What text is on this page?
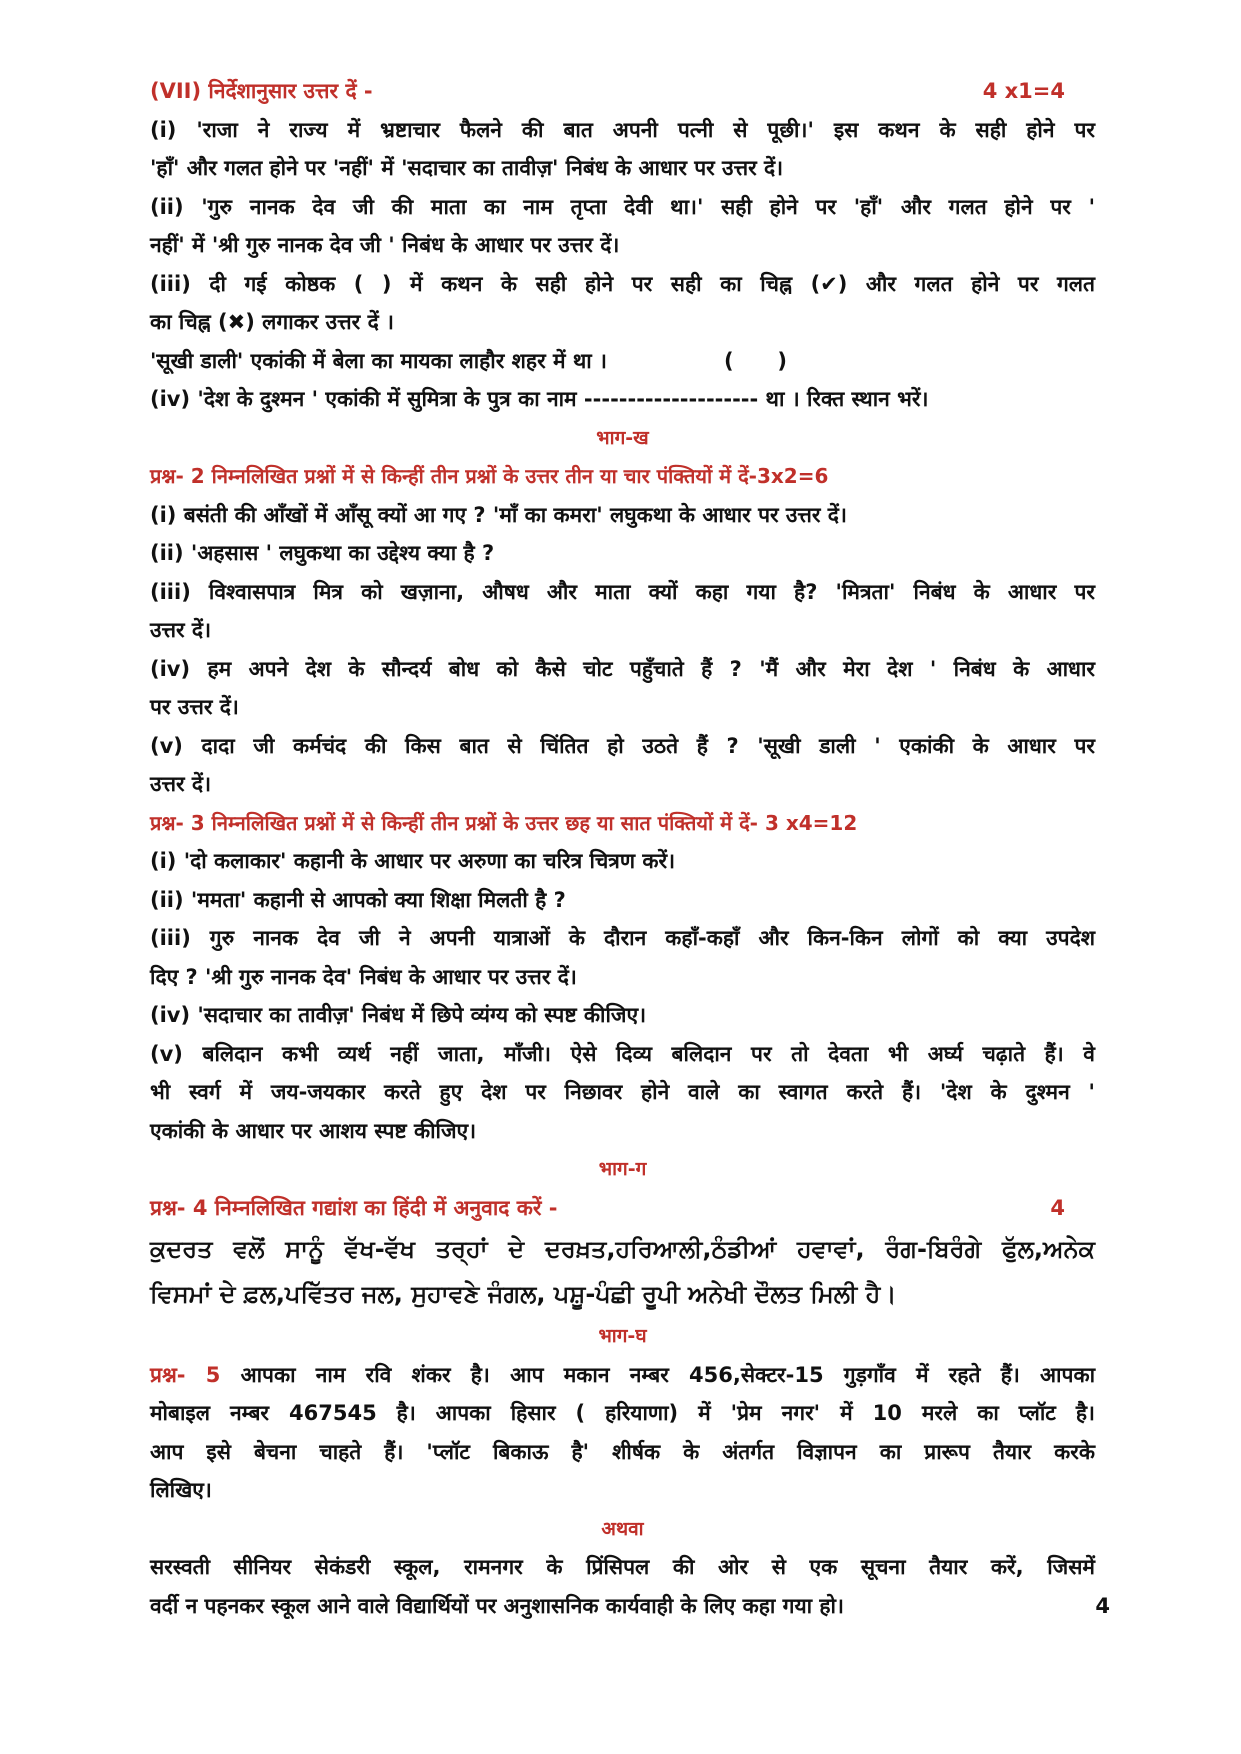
(VII) निर्देशानुसार उत्तर दें -	4 x1=4
(i) 'राजा ने राज्य में भ्रष्टाचार फैलने की बात अपनी पत्नी से पूछी।' इस कथन के सही होने पर
'हाँ' और गलत होने पर 'नहीं' में 'सदाचार का तावीज़' निबंध के आधार पर उत्तर दें।
(ii) 'गुरु नानक देव जी की माता का नाम तृप्ता देवी था।' सही होने पर 'हाँ' और गलत होने पर '
नहीं' में 'श्री गुरु नानक देव जी ' निबंध के आधार पर उत्तर दें।
(iii) दी गई कोष्ठक ( ) में कथन के सही होने पर सही का चिह्न (✔) और गलत होने पर गलत
का चिह्न (✖) लगाकर उत्तर दें ।
'सूखी डाली' एकांकी में बेला का मायका लाहौर शहर में था ।                (      )
(iv) 'देश के दुश्मन ' एकांकी में सुमित्रा के पुत्र का नाम -------------------- था । रिक्त स्थान भरें।
भाग-ख
प्रश्न- 2 निम्नलिखित प्रश्नों में से किन्हीं तीन प्रश्नों के उत्तर तीन या चार पंक्तियों में दें-3x2=6
(i) बसंती की आँखों में आँसू क्यों आ गए ? 'माँ का कमरा' लघुकथा के आधार पर उत्तर दें।
(ii) 'अहसास ' लघुकथा का उद्देश्य क्या है ?
(iii) विश्वासपात्र मित्र को खज़ाना, औषध और माता क्यों कहा गया है? 'मित्रता' निबंध के आधार पर
उत्तर दें।
(iv) हम अपने देश के सौन्दर्य बोध को कैसे चोट पहुँचाते हैं ? 'मैं और मेरा देश ' निबंध के आधार
पर उत्तर दें।
(v) दादा जी कर्मचंद की किस बात से चिंतित हो उठते हैं ? 'सूखी डाली ' एकांकी के आधार पर
उत्तर दें।
प्रश्न- 3 निम्नलिखित प्रश्नों में से किन्हीं तीन प्रश्नों के उत्तर छह या सात पंक्तियों में दें- 3 x4=12
(i) 'दो कलाकार' कहानी के आधार पर अरुणा का चरित्र चित्रण करें।
(ii) 'ममता' कहानी से आपको क्या शिक्षा मिलती है ?
(iii) गुरु नानक देव जी ने अपनी यात्राओं के दौरान कहाँ-कहाँ और किन-किन लोगों को क्या उपदेश
दिए ? 'श्री गुरु नानक देव' निबंध के आधार पर उत्तर दें।
(iv) 'सदाचार का तावीज़' निबंध में छिपे व्यंग्य को स्पष्ट कीजिए।
(v) बलिदान कभी व्यर्थ नहीं जाता, माँजी। ऐसे दिव्य बलिदान पर तो देवता भी अर्घ्य चढ़ाते हैं। वे
भी स्वर्ग में जय-जयकार करते हुए देश पर निछावर होने वाले का स्वागत करते हैं। 'देश के दुश्मन '
एकांकी के आधार पर आशय स्पष्ट कीजिए।
भाग-ग
प्रश्न- 4 निम्नलिखित गद्यांश का हिंदी में अनुवाद करें -	4
ਕੁਦਰਤ ਵਲੋਂ ਸਾਨੂੰ ਵੱਖ-ਵੱਖ ਤਰ੍ਹਾਂ ਦੇ ਦਰਖ਼ਤ,ਹਰਿਆਲੀ,ਠੰਡੀਆਂ ਹਵਾਵਾਂ, ਰੰਗ-ਬਿਰੰਗੇ ਫੁੱਲ,ਅਨੇਕ
ਵਿਸਮਾਂ ਦੇ ਫ਼ਲ,ਪਵਿੱਤਰ ਜਲ, ਸੁਹਾਵਣੇ ਜੰਗਲ, ਪਸ਼ੂ-ਪੰਛੀ ਰੂਪੀ ਅਨੇਖੀ ਦੌਲਤ ਮਿਲੀ ਹੈ।
भाग-घ
प्रश्न- 5 आपका नाम रवि शंकर है। आप मकान नम्बर 456,सेक्टर-15 गुड़गाँव में रहते हैं। आपका
मोबाइल नम्बर 467545 है। आपका हिसार ( हरियाणा) में 'प्रेम नगर' में 10 मरले का प्लॉट है।
आप इसे बेचना चाहते हैं। 'प्लॉट बिकाऊ है' शीर्षक के अंतर्गत विज्ञापन का प्रारूप तैयार करके
लिखिए।
अथवा
सरस्वती सीनियर सेकंडरी स्कूल, रामनगर के प्रिंसिपल की ओर से एक सूचना तैयार करें, जिसमें
वर्दी न पहनकर स्कूल आने वाले विद्यार्थियों पर अनुशासनिक कार्यवाही के लिए कहा गया हो।	4
